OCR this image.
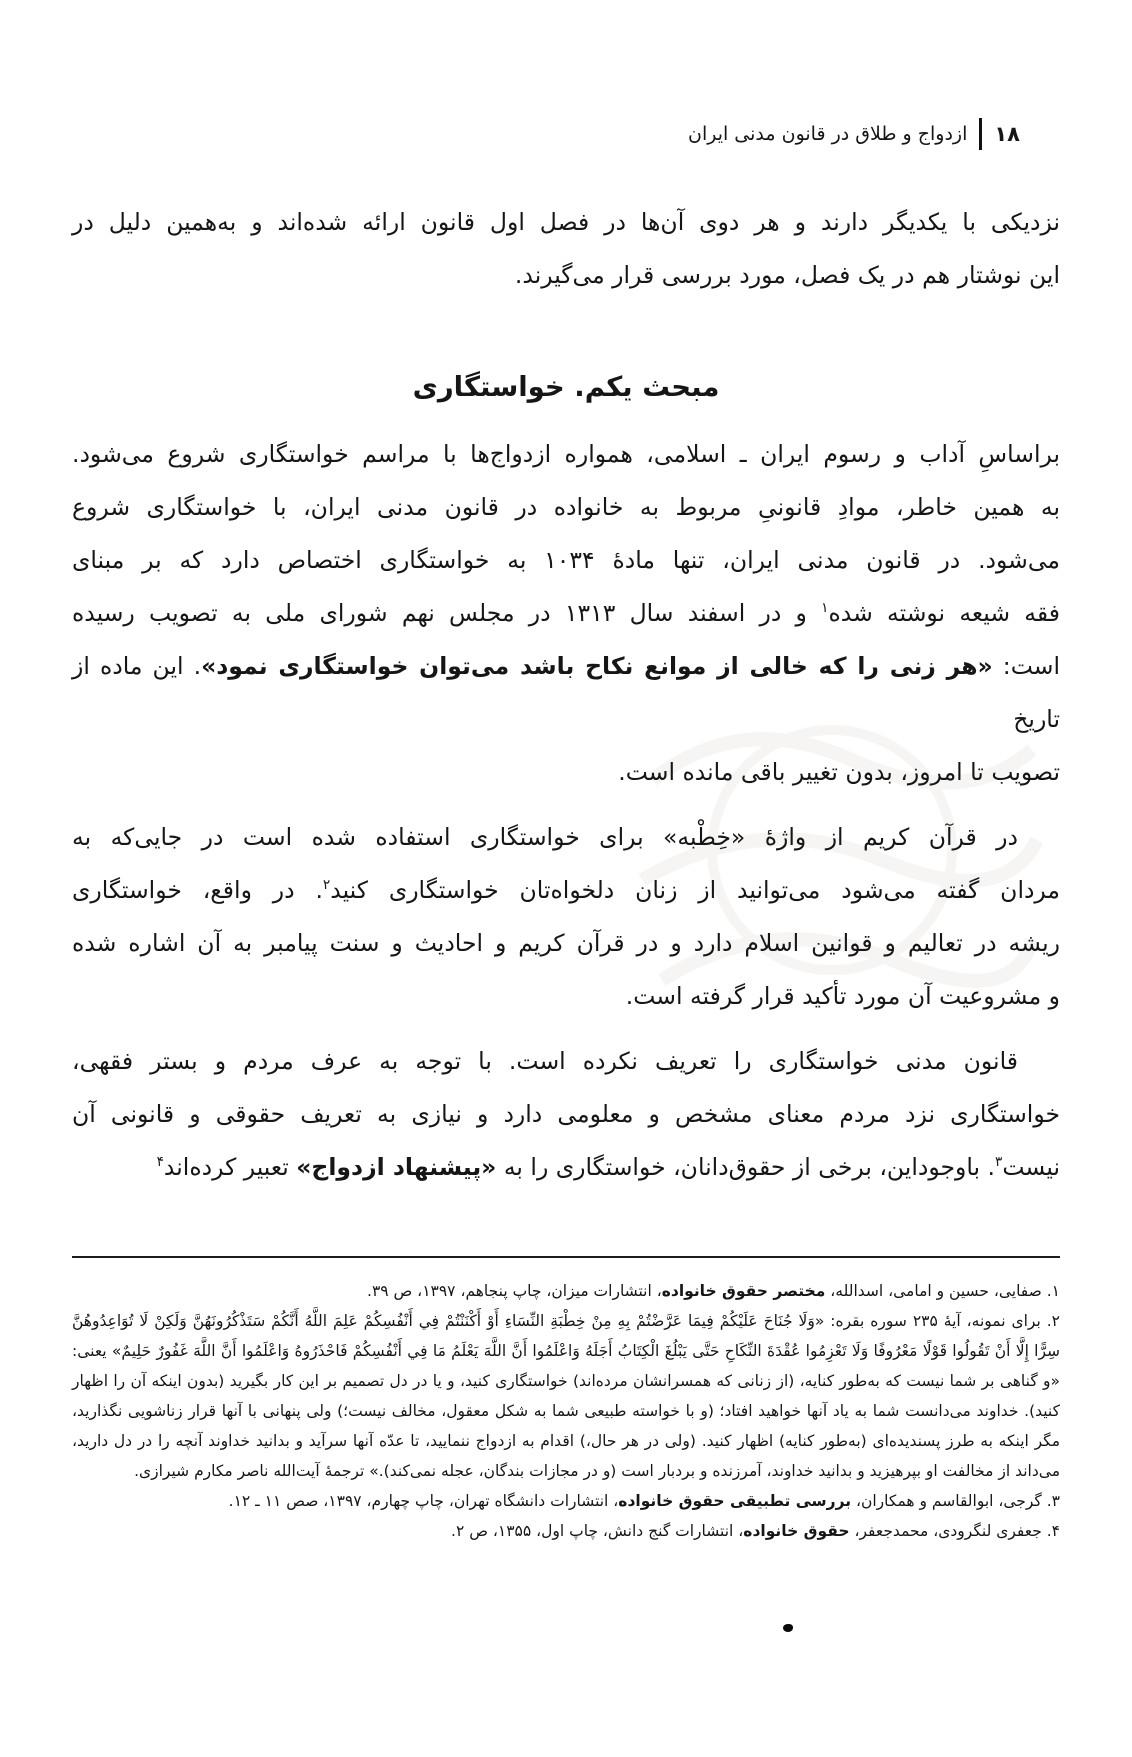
۱۸
ازدواج و طلاق در قانون مدنی ایران

نزدیکی با یکدیگر دارند و هر دوی آن‌ها در فصل اول قانون ارائه شده‌اند و به‌همین دلیل در

این نوشتار هم در یک فصل، مورد بررسی قرار می‌گیرند.

مبحث یکم. خواستگاری

براساسِ آداب و رسوم ایران ـ اسلامی، همواره ازدواج‌ها با مراسم خواستگاری شروع می‌شود.

به همین خاطر، موادِ قانونیِ مربوط به خانواده در قانون مدنی ایران، با خواستگاری شروع

می‌شود. در قانون مدنی ایران، تنها مادهٔ ۱۰۳۴ به خواستگاری اختصاص دارد که بر مبنای

فقه شیعه نوشته شده$^۱$ و در اسفند سال ۱۳۱۳ در مجلس نهم شورای ملی به تصویب رسیده

است: «هر زنی را که خالی از موانع نکاح باشد می‌توان خواستگاری نمود». این ماده از تاریخ

تصویب تا امروز، بدون تغییر باقی مانده است.

در قرآن کریم از واژهٔ «خِطْبه» برای خواستگاری استفاده شده است در جایی‌که به

مردان گفته می‌شود می‌توانید از زنان دلخواه‌تان خواستگاری کنید$^۲$. در واقع، خواستگاری

ریشه در تعالیم و قوانین اسلام دارد و در قرآن کریم و احادیث و سنت پیامبر به آن اشاره شده

و مشروعیت آن مورد تأکید قرار گرفته است.

قانون مدنی خواستگاری را تعریف نکرده است. با توجه به عرف مردم و بستر فقهی،

خواستگاری نزد مردم معنای مشخص و معلومی دارد و نیازی به تعریف حقوقی و قانونی آن

نیست$^۳$. باوجوداین، برخی از حقوق‌دانان، خواستگاری را به «پیشنهاد ازدواج» تعبیر کرده‌اند$^۴$

۱. صفایی، حسین و امامی، اسدالله، مختصر حقوق خانواده، انتشارات میزان، چاپ پنجاهم، ۱۳۹۷، ص ۳۹.

۲. برای نمونه، آیهٔ ۲۳۵ سوره بقره: «وَلَا جُنَاحَ عَلَيْكُمْ فِيمَا عَرَّضْتُمْ بِهِ مِنْ خِطْبَةِ النِّسَاءِ أَوْ أَكْنَنْتُمْ فِي أَنْفُسِكُمْ عَلِمَ اللَّهُ أَنَّكُمْ سَتَذْكُرُونَهُنَّ وَلَكِنْ لَا تُوَاعِدُوهُنَّ سِرًّا إِلَّا أَنْ تَقُولُوا قَوْلًا مَعْرُوفًا وَلَا تَعْزِمُوا عُقْدَةَ النِّكَاحِ حَتَّى يَبْلُغَ الْكِتَابُ أَجَلَهُ وَاعْلَمُوا أَنَّ اللَّهَ يَعْلَمُ مَا فِي أَنْفُسِكُمْ فَاحْذَرُوهُ وَاعْلَمُوا أَنَّ اللَّهَ غَفُورٌ حَلِيمٌ» یعنی: «و گناهی بر شما نیست که به‌طور کنایه، (از زنانی که همسرانشان مرده‌اند) خواستگاری کنید، و یا در دل تصمیم بر این کار بگیرید (بدون اینکه آن را اظهار کنید). خداوند می‌دانست شما به یاد آنها خواهید افتاد؛ (و با خواسته طبیعی شما به شکل معقول، مخالف نیست؛) ولی پنهانی با آنها قرار زناشویی نگذارید، مگر اینکه به طرز پسندیده‌ای (به‌طور کنایه) اظهار کنید. (ولی در هر حال،) اقدام به ازدواج ننمایید، تا عدّه آنها سرآید و بدانید خداوند آنچه را در دل دارید، می‌داند از مخالفت او بپرهیزید و بدانید خداوند، آمرزنده و بردبار است (و در مجازات بندگان، عجله نمی‌کند).» ترجمهٔ آیت‌الله ناصر مکارم شیرازی.

۳. گرجی، ابوالقاسم و همکاران، بررسی تطبیقی حقوق خانواده، انتشارات دانشگاه تهران، چاپ چهارم، ۱۳۹۷، صص ۱۱ ـ ۱۲.

۴. جعفری لنگرودی، محمدجعفر، حقوق خانواده، انتشارات گنج دانش، چاپ اول، ۱۳۵۵، ص ۲.
